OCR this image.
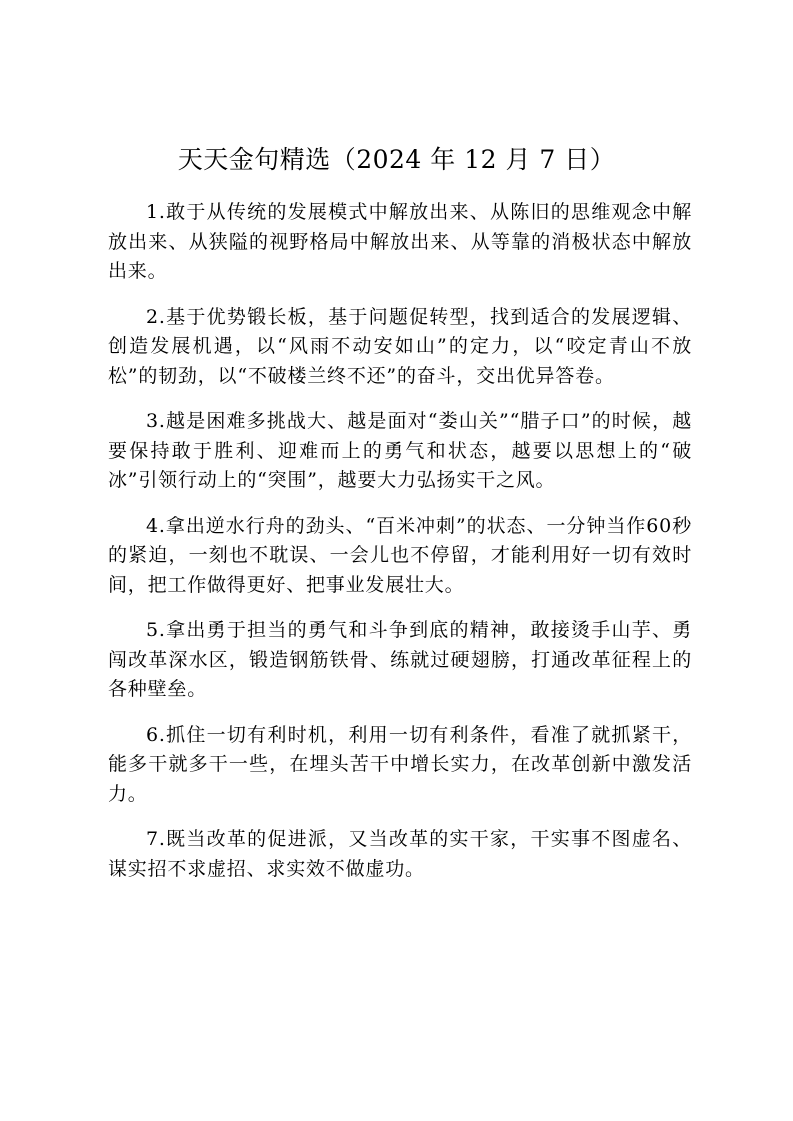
天天金句精选（2024 年 12 月 7 日）

1.敢于从传统的发展模式中解放出来、从陈旧的思维观念中解放出来、从狭隘的视野格局中解放出来、从等靠的消极状态中解放出来。

2.基于优势锻长板，基于问题促转型，找到适合的发展逻辑、创造发展机遇，以“风雨不动安如山”的定力，以“咬定青山不放松”的韧劲，以“不破楼兰终不还”的奋斗，交出优异答卷。

3.越是困难多挑战大、越是面对“娄山关”“腊子口”的时候，越要保持敢于胜利、迎难而上的勇气和状态，越要以思想上的“破冰”引领行动上的“突围”，越要大力弘扬实干之风。

4.拿出逆水行舟的劲头、“百米冲刺”的状态、一分钟当作60秒的紧迫，一刻也不耽误、一会儿也不停留，才能利用好一切有效时间，把工作做得更好、把事业发展壮大。

5.拿出勇于担当的勇气和斗争到底的精神，敢接烫手山芋、勇闯改革深水区，锻造钢筋铁骨、练就过硬翅膀，打通改革征程上的各种壁垒。

6.抓住一切有利时机，利用一切有利条件，看准了就抓紧干，能多干就多干一些，在埋头苦干中增长实力，在改革创新中激发活力。

7.既当改革的促进派，又当改革的实干家，干实事不图虚名、谋实招不求虚招、求实效不做虚功。
